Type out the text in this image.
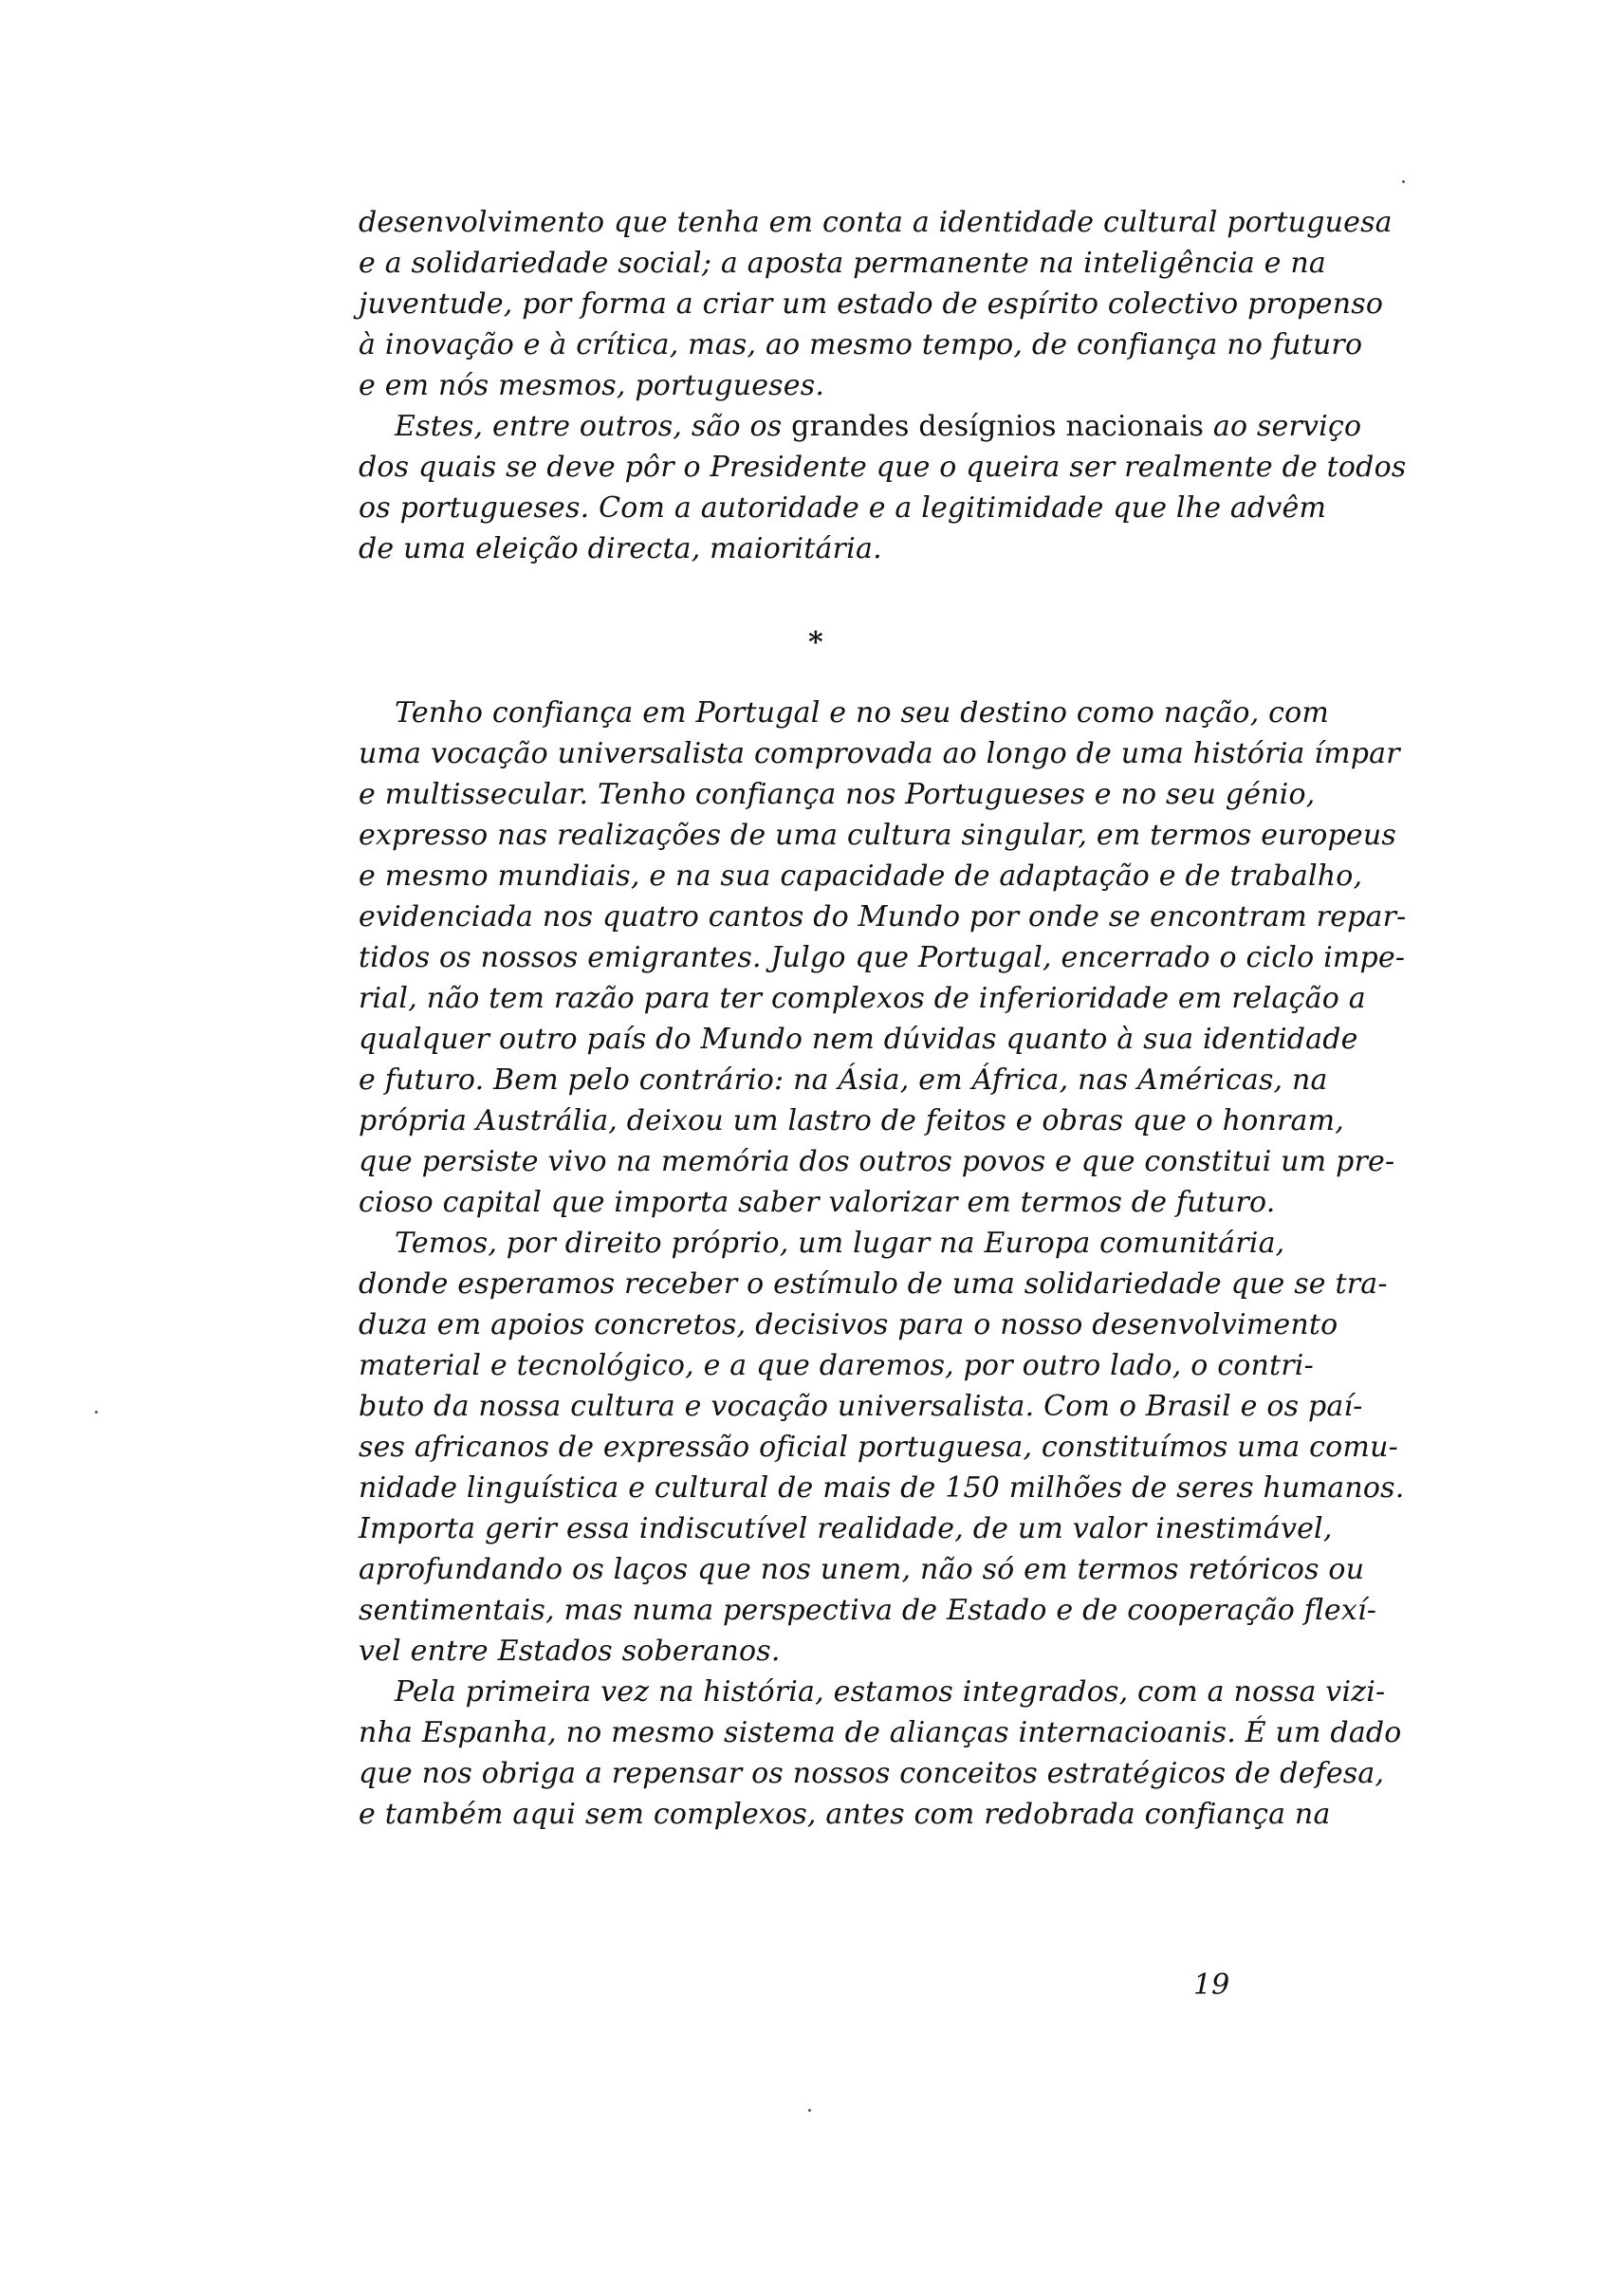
desenvolvimento que tenha em conta a identidade cultural portuguesa
e a solidariedade social; a aposta permanente na inteligência e na
juventude, por forma a criar um estado de espírito colectivo propenso
à inovação e à crítica, mas, ao mesmo tempo, de confiança no futuro
e em nós mesmos, portugueses.
Estes, entre outros, são os grandes desígnios nacionais ao serviço
dos quais se deve pôr o Presidente que o queira ser realmente de todos
os portugueses. Com a autoridade e a legitimidade que lhe advêm
de uma eleição directa, maioritária.
*
Tenho confiança em Portugal e no seu destino como nação, com
uma vocação universalista comprovada ao longo de uma história ímpar
e multissecular. Tenho confiança nos Portugueses e no seu génio,
expresso nas realizações de uma cultura singular, em termos europeus
e mesmo mundiais, e na sua capacidade de adaptação e de trabalho,
evidenciada nos quatro cantos do Mundo por onde se encontram repar-
tidos os nossos emigrantes. Julgo que Portugal, encerrado o ciclo impe-
rial, não tem razão para ter complexos de inferioridade em relação a
qualquer outro país do Mundo nem dúvidas quanto à sua identidade
e futuro. Bem pelo contrário: na Ásia, em África, nas Américas, na
própria Austrália, deixou um lastro de feitos e obras que o honram,
que persiste vivo na memória dos outros povos e que constitui um pre-
cioso capital que importa saber valorizar em termos de futuro.
Temos, por direito próprio, um lugar na Europa comunitária,
donde esperamos receber o estímulo de uma solidariedade que se tra-
duza em apoios concretos, decisivos para o nosso desenvolvimento
material e tecnológico, e a que daremos, por outro lado, o contri-
buto da nossa cultura e vocação universalista. Com o Brasil e os paí-
ses africanos de expressão oficial portuguesa, constituímos uma comu-
nidade linguística e cultural de mais de 150 milhões de seres humanos.
Importa gerir essa indiscutível realidade, de um valor inestimável,
aprofundando os laços que nos unem, não só em termos retóricos ou
sentimentais, mas numa perspectiva de Estado e de cooperação flexí-
vel entre Estados soberanos.
Pela primeira vez na história, estamos integrados, com a nossa vizi-
nha Espanha, no mesmo sistema de alianças internacioanis. É um dado
que nos obriga a repensar os nossos conceitos estratégicos de defesa,
e também aqui sem complexos, antes com redobrada confiança na
19
